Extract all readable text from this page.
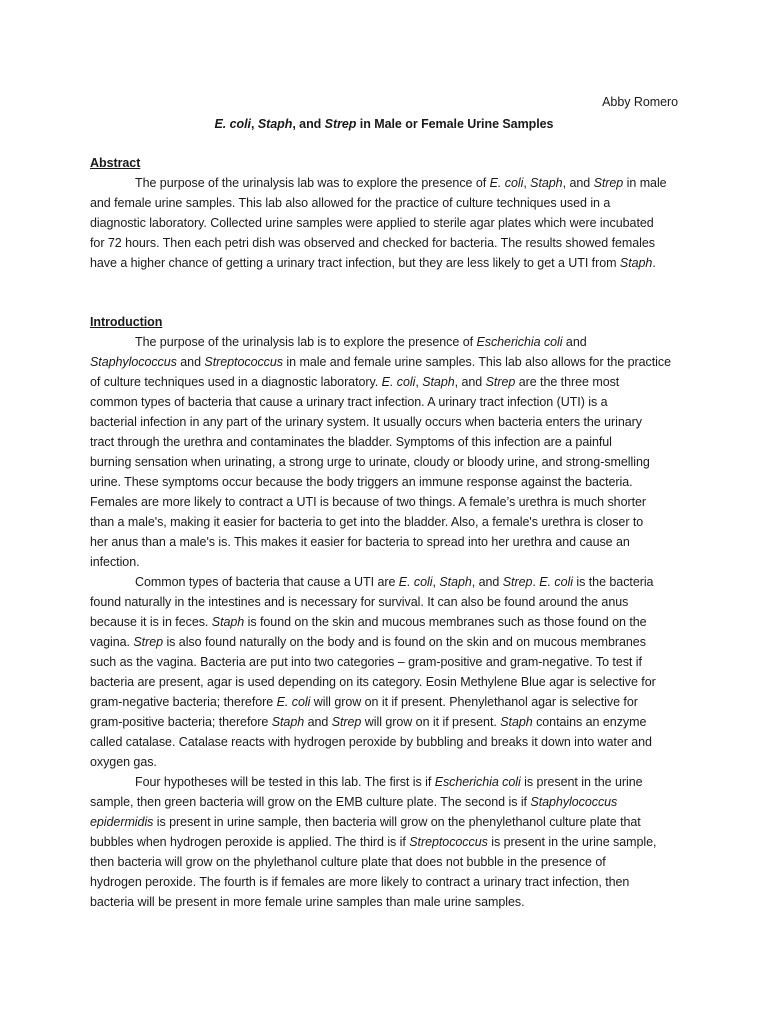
Abby Romero
E. coli, Staph, and Strep in Male or Female Urine Samples
Abstract
The purpose of the urinalysis lab was to explore the presence of E. coli, Staph, and Strep in male
and female urine samples. This lab also allowed for the practice of culture techniques used in a
diagnostic laboratory. Collected urine samples were applied to sterile agar plates which were incubated
for 72 hours. Then each petri dish was observed and checked for bacteria. The results showed females
have a higher chance of getting a urinary tract infection, but they are less likely to get a UTI from Staph.
Introduction
The purpose of the urinalysis lab is to explore the presence of Escherichia coli and
Staphylococcus and Streptococcus in male and female urine samples. This lab also allows for the practice
of culture techniques used in a diagnostic laboratory. E. coli, Staph, and Strep are the three most
common types of bacteria that cause a urinary tract infection. A urinary tract infection (UTI) is a
bacterial infection in any part of the urinary system. It usually occurs when bacteria enters the urinary
tract through the urethra and contaminates the bladder. Symptoms of this infection are a painful
burning sensation when urinating, a strong urge to urinate, cloudy or bloody urine, and strong-smelling
urine. These symptoms occur because the body triggers an immune response against the bacteria.
Females are more likely to contract a UTI is because of two things. A female’s urethra is much shorter
than a male's, making it easier for bacteria to get into the bladder. Also, a female's urethra is closer to
her anus than a male's is. This makes it easier for bacteria to spread into her urethra and cause an
infection.
Common types of bacteria that cause a UTI are E. coli, Staph, and Strep. E. coli is the bacteria
found naturally in the intestines and is necessary for survival. It can also be found around the anus
because it is in feces. Staph is found on the skin and mucous membranes such as those found on the
vagina. Strep is also found naturally on the body and is found on the skin and on mucous membranes
such as the vagina. Bacteria are put into two categories – gram-positive and gram-negative. To test if
bacteria are present, agar is used depending on its category. Eosin Methylene Blue agar is selective for
gram-negative bacteria; therefore E. coli will grow on it if present. Phenylethanol agar is selective for
gram-positive bacteria; therefore Staph and Strep will grow on it if present. Staph contains an enzyme
called catalase. Catalase reacts with hydrogen peroxide by bubbling and breaks it down into water and
oxygen gas.
Four hypotheses will be tested in this lab. The first is if Escherichia coli is present in the urine
sample, then green bacteria will grow on the EMB culture plate. The second is if Staphylococcus
epidermidis is present in urine sample, then bacteria will grow on the phenylethanol culture plate that
bubbles when hydrogen peroxide is applied. The third is if Streptococcus is present in the urine sample,
then bacteria will grow on the phylethanol culture plate that does not bubble in the presence of
hydrogen peroxide. The fourth is if females are more likely to contract a urinary tract infection, then
bacteria will be present in more female urine samples than male urine samples.
